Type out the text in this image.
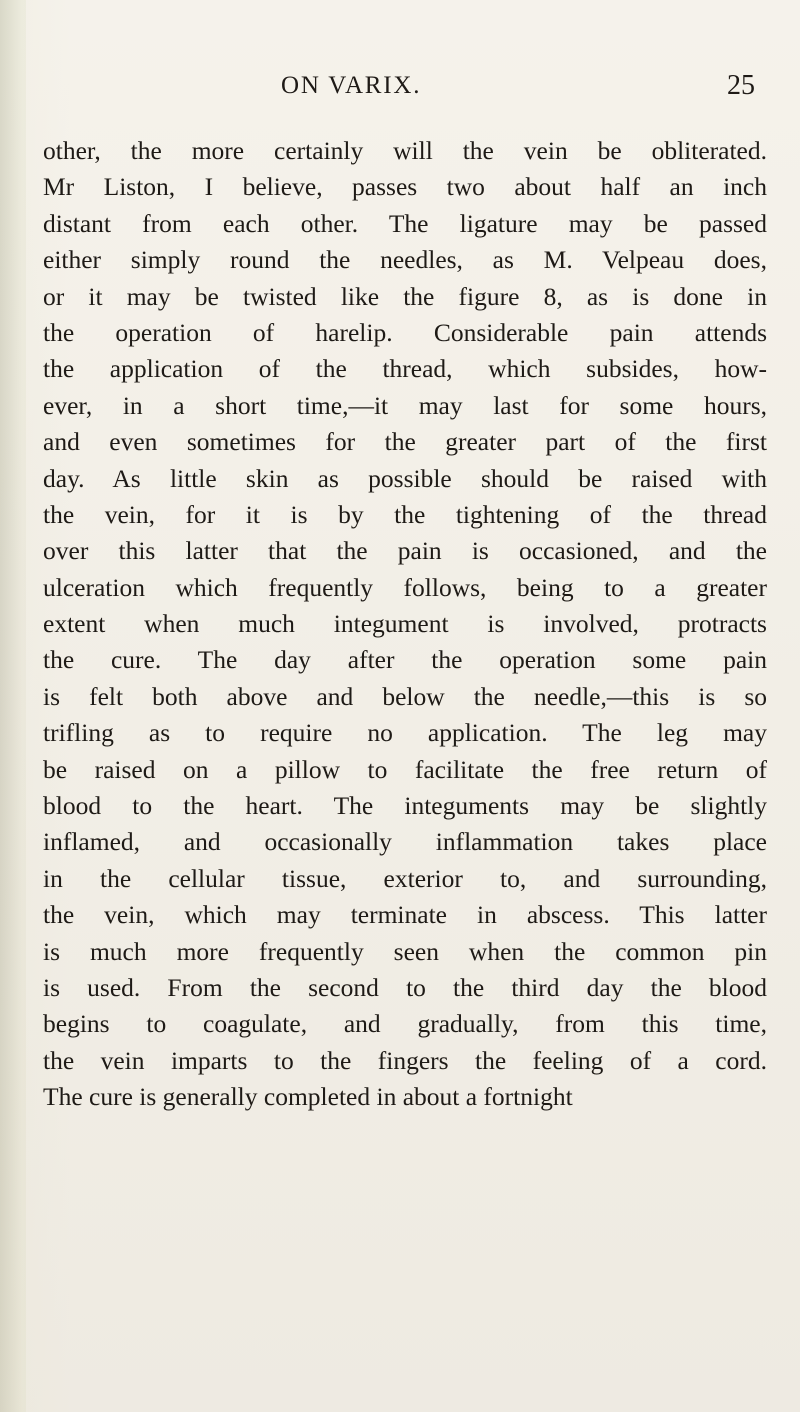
ON VARIX.	25
other, the more certainly will the vein be obliterated.
Mr Liston, I believe, passes two about half an inch
distant from each other. The ligature may be passed
either simply round the needles, as M. Velpeau does,
or it may be twisted like the figure 8, as is done in
the operation of harelip. Considerable pain attends
the application of the thread, which subsides, how-
ever, in a short time,—it may last for some hours,
and even sometimes for the greater part of the first
day. As little skin as possible should be raised with
the vein, for it is by the tightening of the thread
over this latter that the pain is occasioned, and the
ulceration which frequently follows, being to a greater
extent when much integument is involved, protracts
the cure. The day after the operation some pain
is felt both above and below the needle,—this is so
trifling as to require no application. The leg may
be raised on a pillow to facilitate the free return of
blood to the heart. The integuments may be slightly
inflamed, and occasionally inflammation takes place
in the cellular tissue, exterior to, and surrounding,
the vein, which may terminate in abscess. This latter
is much more frequently seen when the common pin
is used. From the second to the third day the blood
begins to coagulate, and gradually, from this time,
the vein imparts to the fingers the feeling of a cord.
The cure is generally completed in about a fortnight
